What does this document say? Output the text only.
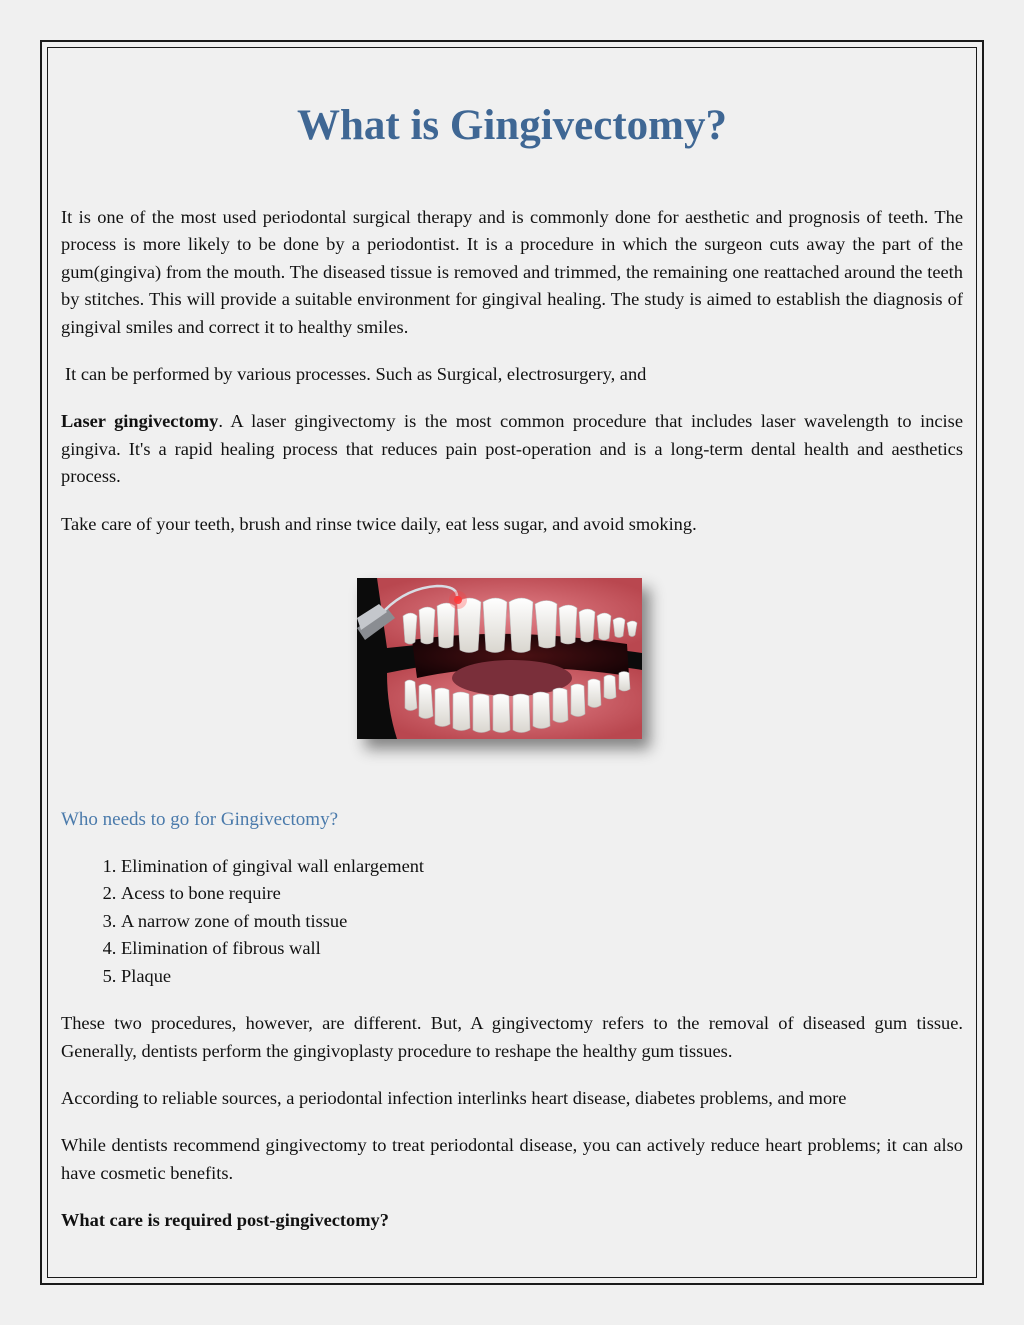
What is Gingivectomy?

It is one of the most used periodontal surgical therapy and is commonly done for aesthetic and prognosis of teeth. The process is more likely to be done by a periodontist. It is a procedure in which the surgeon cuts away the part of the gum(gingiva) from the mouth. The diseased tissue is removed and trimmed, the remaining one reattached around the teeth by stitches. This will provide a suitable environment for gingival healing. The study is aimed to establish the diagnosis of gingival smiles and correct it to healthy smiles.

It can be performed by various processes. Such as Surgical, electrosurgery, and

Laser gingivectomy. A laser gingivectomy is the most common procedure that includes laser wavelength to incise gingiva. It's a rapid healing process that reduces pain post-operation and is a long-term dental health and aesthetics process.

Take care of your teeth, brush and rinse twice daily, eat less sugar, and avoid smoking.

Who needs to go for Gingivectomy?
1. Elimination of gingival wall enlargement
2. Acess to bone require
3. A narrow zone of mouth tissue
4. Elimination of fibrous wall
5. Plaque

These two procedures, however, are different. But, A gingivectomy refers to the removal of diseased gum tissue. Generally, dentists perform the gingivoplasty procedure to reshape the healthy gum tissues.

According to reliable sources, a periodontal infection interlinks heart disease, diabetes problems, and more

While dentists recommend gingivectomy to treat periodontal disease, you can actively reduce heart problems; it can also have cosmetic benefits.

What care is required post-gingivectomy?
